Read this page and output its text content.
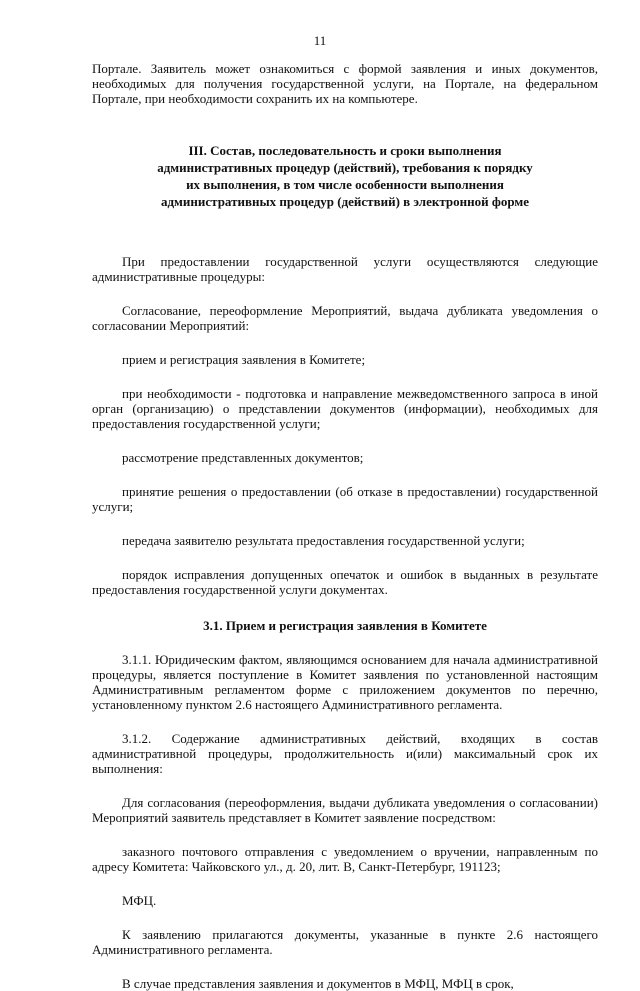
11

Портале. Заявитель может ознакомиться с формой заявления и иных документов, необходимых для получения государственной услуги, на Портале, на федеральном Портале, при необходимости сохранить их на компьютере.

III. Состав, последовательность и сроки выполнения
административных процедур (действий), требования к порядку
их выполнения, в том числе особенности выполнения
административных процедур (действий) в электронной форме

При предоставлении государственной услуги осуществляются следующие административные процедуры:

Согласование, переоформление Мероприятий, выдача дубликата уведомления о согласовании Мероприятий:

прием и регистрация заявления в Комитете;

при необходимости - подготовка и направление межведомственного запроса в иной орган (организацию) о представлении документов (информации), необходимых для предоставления государственной услуги;

рассмотрение представленных документов;

принятие решения о предоставлении (об отказе в предоставлении) государственной услуги;

передача заявителю результата предоставления государственной услуги;

порядок исправления допущенных опечаток и ошибок в выданных в результате предоставления государственной услуги документах.

3.1. Прием и регистрация заявления в Комитете

3.1.1. Юридическим фактом, являющимся основанием для начала административной процедуры, является поступление в Комитет заявления по установленной настоящим Административным регламентом форме с приложением документов по перечню, установленному пунктом 2.6 настоящего Административного регламента.

3.1.2. Содержание административных действий, входящих в состав административной процедуры, продолжительность и(или) максимальный срок их выполнения:

Для согласования (переоформления, выдачи дубликата уведомления о согласовании) Мероприятий заявитель представляет в Комитет заявление посредством:

заказного почтового отправления с уведомлением о вручении, направленным по адресу Комитета: Чайковского ул., д. 20, лит. В, Санкт-Петербург, 191123;

МФЦ.

К заявлению прилагаются документы, указанные в пункте 2.6 настоящего Административного регламента.

В случае представления заявления и документов в МФЦ, МФЦ в срок,
